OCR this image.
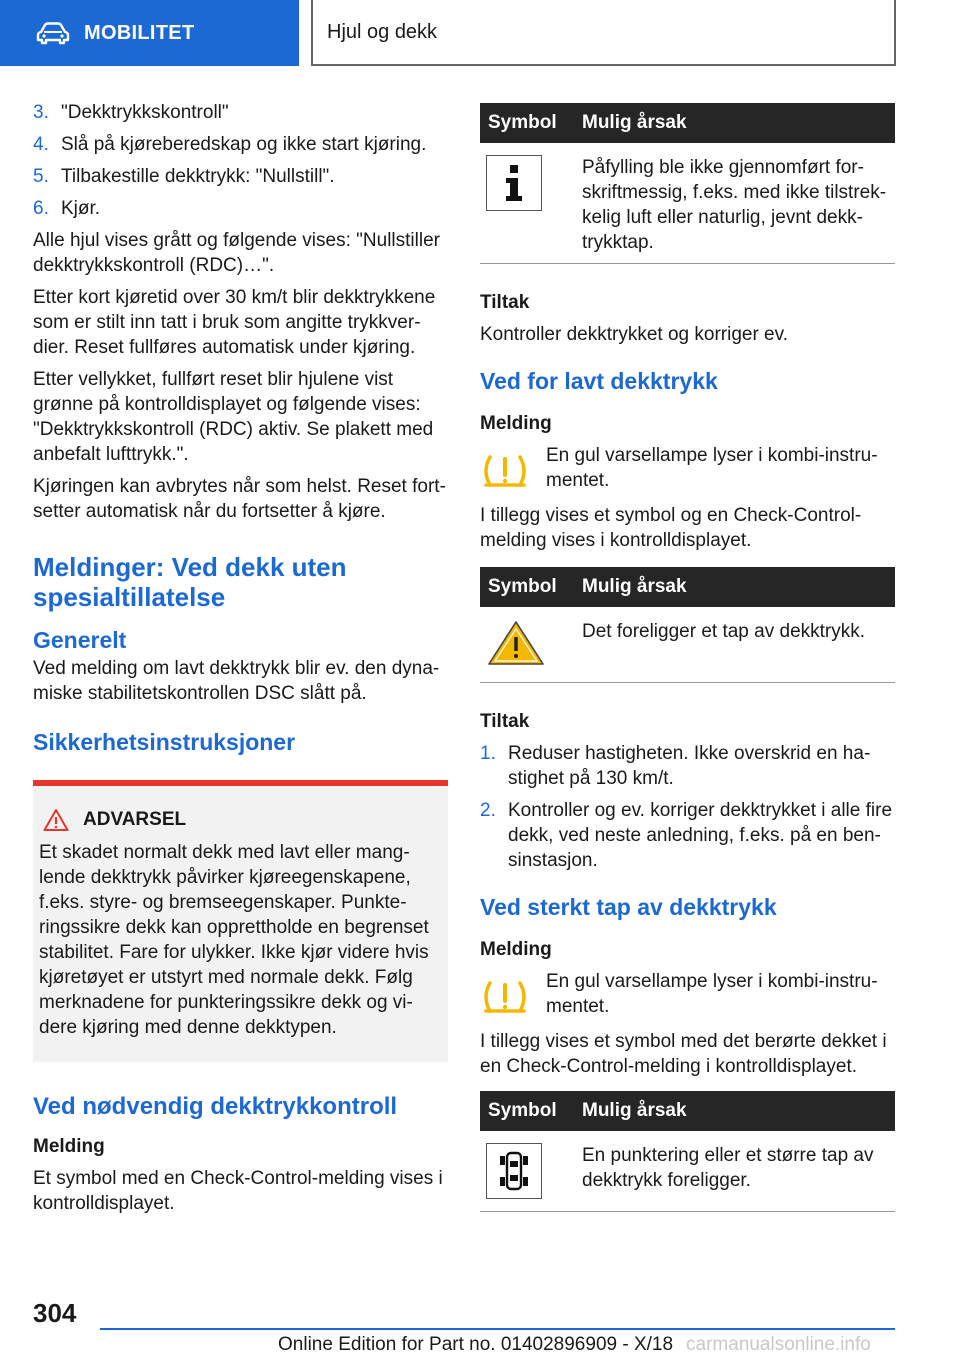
MOBILITET	Hjul og dekk
3. "Dekktrykkskontroll"
4. Slå på kjøreberedskap og ikke start kjøring.
5. Tilbakestille dekktrykk: "Nullstill".
6. Kjør.

Alle hjul vises grått og følgende vises: "Nullstiller dekktrykkskontroll (RDC)…".

Etter kort kjøretid over 30 km/t blir dekktrykkene som er stilt inn tatt i bruk som angitte trykkverdier. Reset fullføres automatisk under kjøring.

Etter vellykket, fullført reset blir hjulene vist grønne på kontrolldisplayet og følgende vises: "Dekktrykkskontroll (RDC) aktiv. Se plakett med anbefalt lufttrykk.".

Kjøringen kan avbrytes når som helst. Reset fortsetter automatisk når du fortsetter å kjøre.

Meldinger: Ved dekk uten spesialtillatelse
Generelt

Ved melding om lavt dekktrykk blir ev. den dynamiske stabilitetskontrollen DSC slått på.

Sikkerhetsinstruksjoner
ADVARSEL

Et skadet normalt dekk med lavt eller manglende dekktrykk påvirker kjøreegenskapene, f.eks. styre- og bremseegenskaper. Punkteringssikre dekk kan opprettholde en begrenset stabilitet. Fare for ulykker. Ikke kjør videre hvis kjøretøyet er utstyrt med normale dekk. Følg merknadene for punkteringssikre dekk og videre kjøring med denne dekktypen.

Ved nødvendig dekktrykkontroll
Melding

Et symbol med en Check-Control-melding vises i kontrolldisplayet.

Symbol	Mulig årsak

	Påfylling ble ikke gjennomført forskriftmessig, f.eks. med ikke tilstrekkelig luft eller naturlig, jevnt dekktrykktap.
Tiltak

Kontroller dekktrykket og korriger ev.

Ved for lavt dekktrykk
Melding

En gul varsellampe lyser i kombi-instrumentet.

I tillegg vises et symbol og en Check-Control-melding vises i kontrolldisplayet.

Symbol	Mulig årsak
	Det foreligger et tap av dekktrykk.
Tiltak
1. Reduser hastigheten. Ikke overskrid en hastighet på 130 km/t.
2. Kontroller og ev. korriger dekktrykket i alle fire dekk, ved neste anledning, f.eks. på en bensinstasjon.
Ved sterkt tap av dekktrykk
Melding

En gul varsellampe lyser i kombi-instrumentet.

I tillegg vises et symbol med det berørte dekket i en Check-Control-melding i kontrolldisplayet.

Symbol	Mulig årsak

	En punktering eller et større tap av dekktrykk foreligger.
304
Online Edition for Part no. 01402896909 - X/18 carmanualsonline.info
